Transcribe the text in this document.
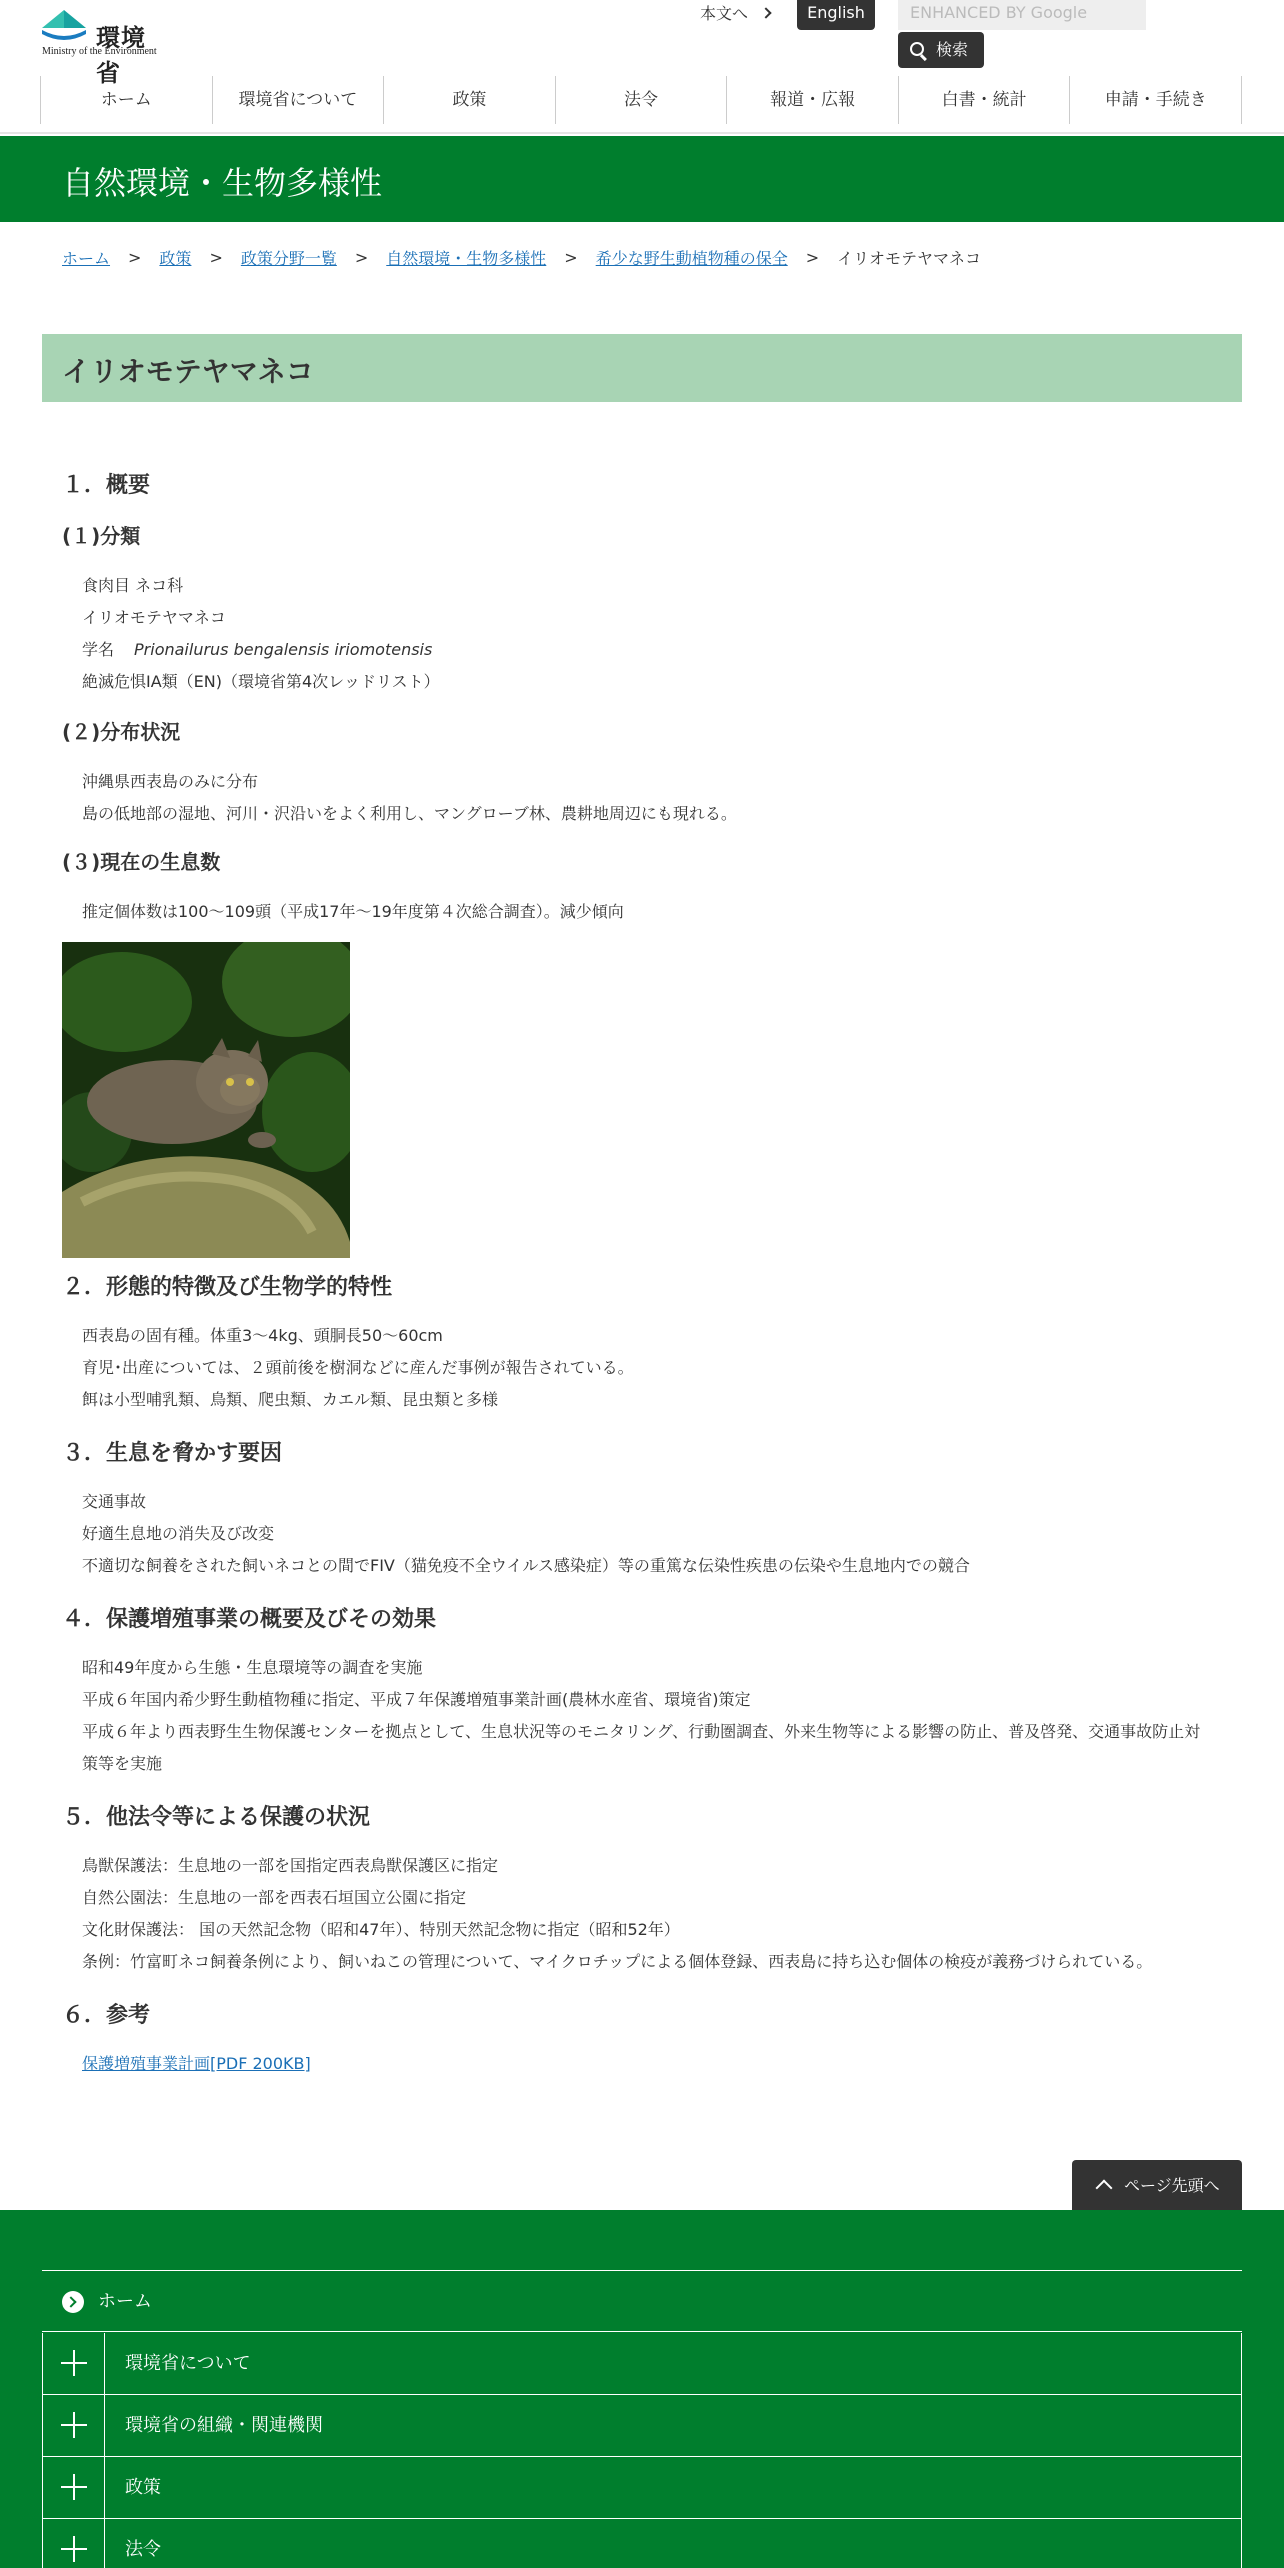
環境省
Ministry of the Environment
本文へ	English	ENHANCED BY Google
検索
ホーム	環境省について	政策	法令	報道・広報	白書・統計	申請・手続き
自然環境・生物多様性
ホーム > 政策 > 政策分野一覧 > 自然環境・生物多様性 > 希少な野生動植物種の保全 > イリオモテヤマネコ
イリオモテヤマネコ
１．概要
(１)分類
食肉目 ネコ科
イリオモテヤマネコ
学名 Prionailurus bengalensis iriomotensis
絶滅危惧IA類（EN)（環境省第4次レッドリスト）
(２)分布状況
沖縄県西表島のみに分布
島の低地部の湿地、河川・沢沿いをよく利用し、マングローブ林、農耕地周辺にも現れる。
(３)現在の生息数
推定個体数は100～109頭（平成17年～19年度第４次総合調査）。減少傾向
２．形態的特徴及び生物学的特性
西表島の固有種。体重3～4kg、頭胴長50～60cm
育児･出産については、２頭前後を樹洞などに産んだ事例が報告されている。
餌は小型哺乳類、鳥類、爬虫類、カエル類、昆虫類と多様
３．生息を脅かす要因
交通事故
好適生息地の消失及び改変
不適切な飼養をされた飼いネコとの間でFIV（猫免疫不全ウイルス感染症）等の重篤な伝染性疾患の伝染や生息地内での競合
４．保護増殖事業の概要及びその効果
昭和49年度から生態・生息環境等の調査を実施
平成６年国内希少野生動植物種に指定、平成７年保護増殖事業計画(農林水産省、環境省)策定
平成６年より西表野生生物保護センターを拠点として、生息状況等のモニタリング、行動圏調査、外来生物等による影響の防止、普及啓発、交通事故防止対
策等を実施
５．他法令等による保護の状況
鳥獣保護法：生息地の一部を国指定西表鳥獣保護区に指定
自然公園法：生息地の一部を西表石垣国立公園に指定
文化財保護法： 国の天然記念物（昭和47年）、特別天然記念物に指定（昭和52年）
条例：竹富町ネコ飼養条例により、飼いねこの管理について、マイクロチップによる個体登録、西表島に持ち込む個体の検疫が義務づけられている。
６．参考
保護増殖事業計画[PDF 200KB]
ページ先頭へ
ホーム
環境省について
環境省の組織・関連機関
政策
法令
